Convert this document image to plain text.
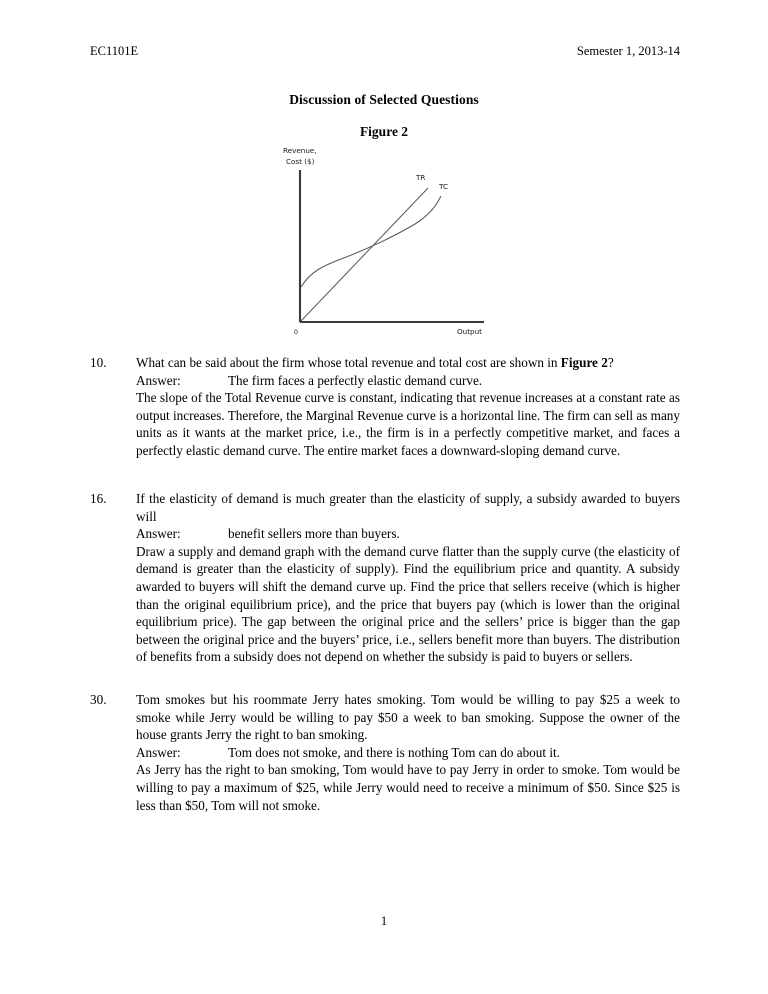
EC1101E	Semester 1, 2013-14
Discussion of Selected Questions
Figure 2
Revenue,
Cost ($)
TR
TC
0	Output
10.	What can be said about the firm whose total revenue and total cost are shown in Figure 2?

Answer:	The firm faces a perfectly elastic demand curve.

The slope of the Total Revenue curve is constant, indicating that revenue increases at a constant rate as output increases. Therefore, the Marginal Revenue curve is a horizontal line. The firm can sell as many units as it wants at the market price, i.e., the firm is in a perfectly competitive market, and faces a perfectly elastic demand curve. The entire market faces a downward-sloping demand curve.

16.	If the elasticity of demand is much greater than the elasticity of supply, a subsidy awarded to buyers will

Answer:	benefit sellers more than buyers.

Draw a supply and demand graph with the demand curve flatter than the supply curve (the elasticity of demand is greater than the elasticity of supply). Find the equilibrium price and quantity. A subsidy awarded to buyers will shift the demand curve up. Find the price that sellers receive (which is higher than the original equilibrium price), and the price that buyers pay (which is lower than the original equilibrium price). The gap between the original price and the sellers’ price is bigger than the gap between the original price and the buyers’ price, i.e., sellers benefit more than buyers. The distribution of benefits from a subsidy does not depend on whether the subsidy is paid to buyers or sellers.

30.	Tom smokes but his roommate Jerry hates smoking. Tom would be willing to pay $25 a week to smoke while Jerry would be willing to pay $50 a week to ban smoking. Suppose the owner of the house grants Jerry the right to ban smoking.

Answer:	Tom does not smoke, and there is nothing Tom can do about it.

As Jerry has the right to ban smoking, Tom would have to pay Jerry in order to smoke. Tom would be willing to pay a maximum of $25, while Jerry would need to receive a minimum of $50. Since $25 is less than $50, Tom will not smoke.

1
